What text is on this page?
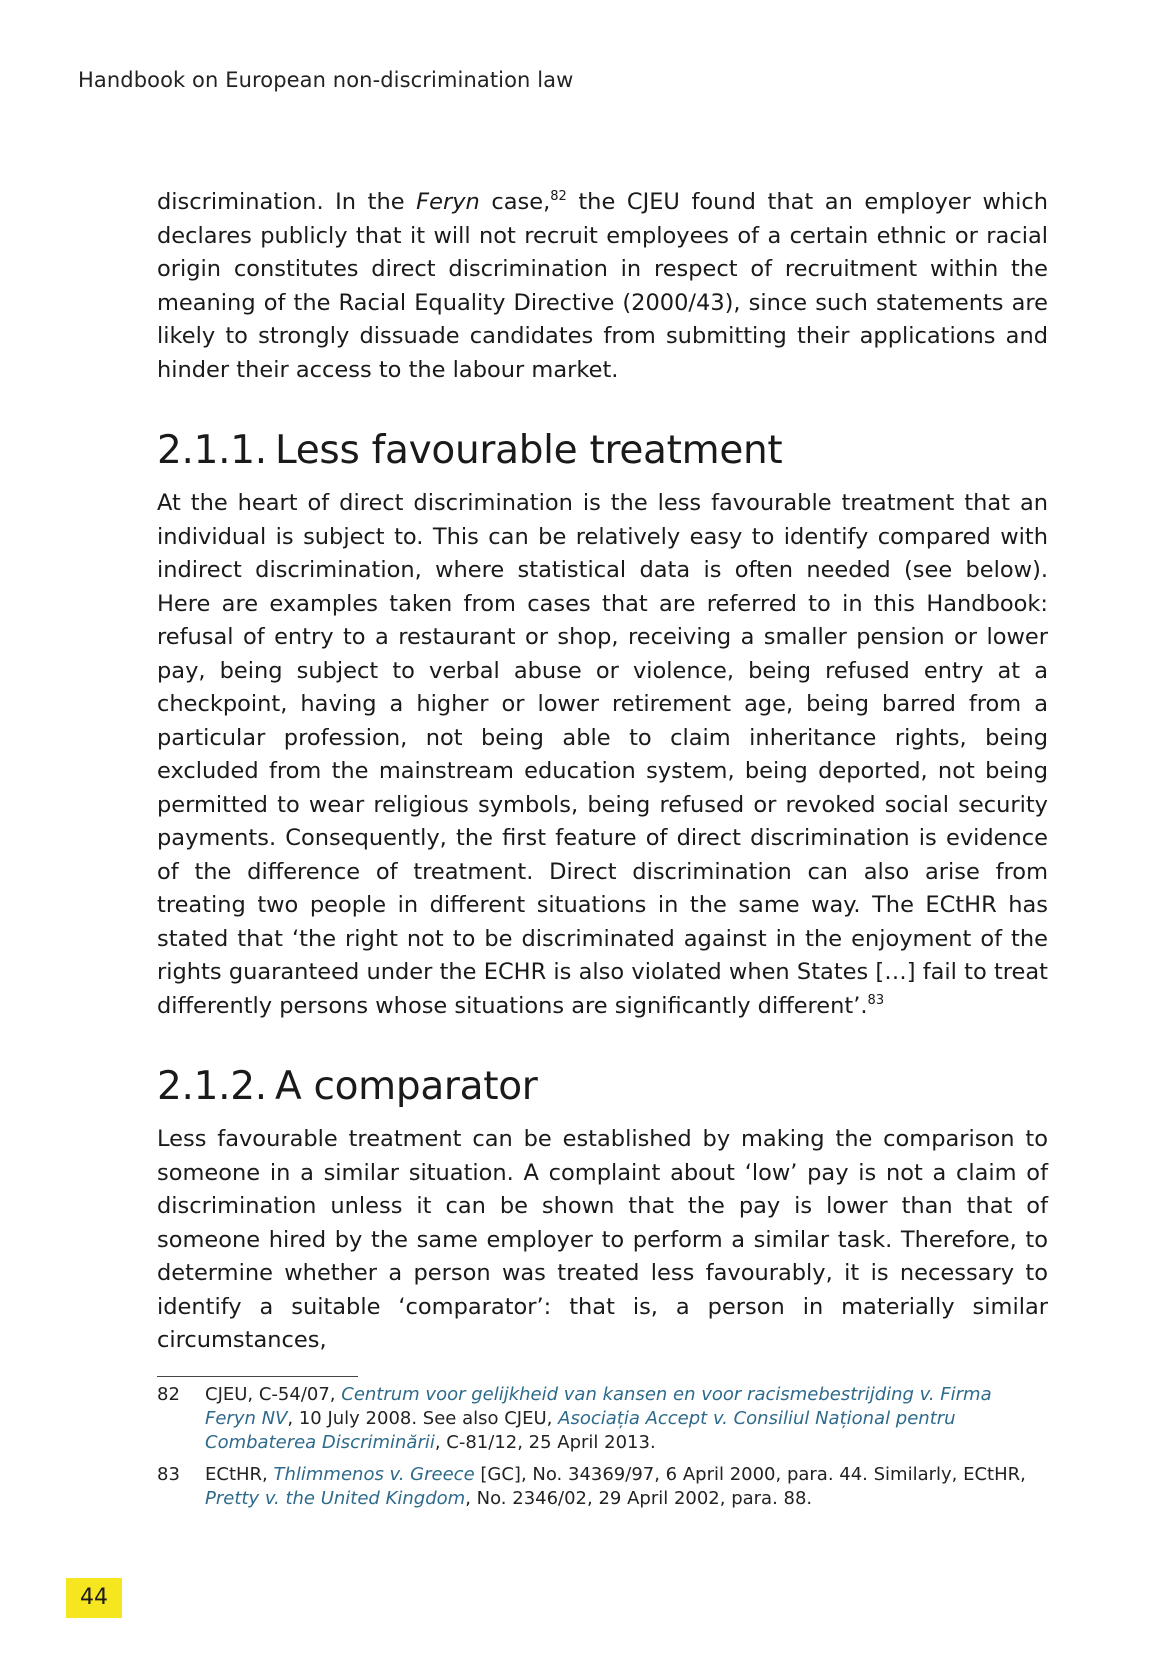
Handbook on European non-discrimination law

discrimination. In the Feryn case,$^{82}$ the CJEU found that an employer which declares publicly that it will not recruit employees of a certain ethnic or racial origin constitutes direct discrimination in respect of recruitment within the meaning of the Racial Equality Directive (2000/43), since such statements are likely to strongly dissuade candidates from submitting their applications and hinder their access to the labour market.

2.1.1. Less favourable treatment

At the heart of direct discrimination is the less favourable treatment that an individual is subject to. This can be relatively easy to identify compared with indirect discrimination, where statistical data is often needed (see below). Here are examples taken from cases that are referred to in this Handbook: refusal of entry to a restaurant or shop, receiving a smaller pension or lower pay, being subject to verbal abuse or violence, being refused entry at a checkpoint, having a higher or lower retirement age, being barred from a particular profession, not being able to claim inheritance rights, being excluded from the mainstream education system, being deported, not being permitted to wear religious symbols, being refused or revoked social security payments. Consequently, the first feature of direct discrimination is evidence of the difference of treatment. Direct discrimination can also arise from treating two people in different situations in the same way. The ECtHR has stated that ‘the right not to be discriminated against in the enjoyment of the rights guaranteed under the ECHR is also violated when States […] fail to treat differently persons whose situations are significantly different’.$^{83}$

2.1.2. A comparator

Less favourable treatment can be established by making the comparison to someone in a similar situation. A complaint about ‘low’ pay is not a claim of discrimination unless it can be shown that the pay is lower than that of someone hired by the same employer to perform a similar task. Therefore, to determine whether a person was treated less favourably, it is necessary to identify a suitable ‘comparator’: that is, a person in materially similar circumstances,

82	CJEU, C-54/07, Centrum voor gelijkheid van kansen en voor racismebestrijding v. Firma Feryn NV, 10 July 2008. See also CJEU, Asociația Accept v. Consiliul Național pentru Combaterea Discriminării, C-81/12, 25 April 2013.
83	ECtHR, Thlimmenos v. Greece [GC], No. 34369/97, 6 April 2000, para. 44. Similarly, ECtHR, Pretty v. the United Kingdom, No. 2346/02, 29 April 2002, para. 88.
44
